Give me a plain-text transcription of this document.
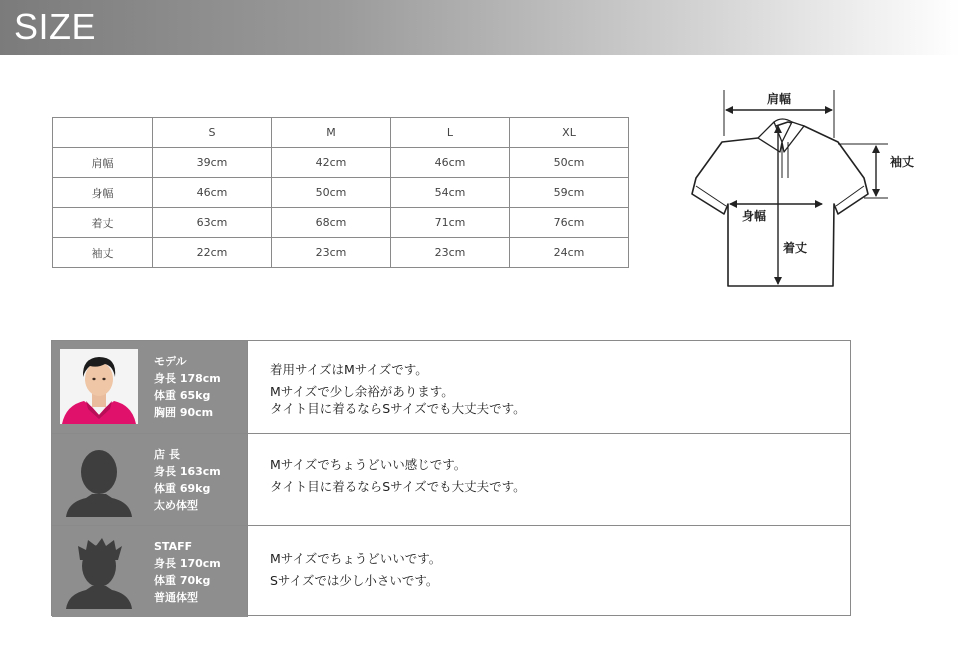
SIZE
	S	M	L	XL
肩幅	39cm	42cm	46cm	50cm
身幅	46cm	50cm	54cm	59cm
着丈	63cm	68cm	71cm	76cm
袖丈	22cm	23cm	23cm	24cm
肩幅
袖丈
身幅
着丈
モデル
身長 178cm
体重 65kg
胸囲 90cm
着用サイズはMサイズです。
Mサイズで少し余裕があります。
タイト目に着るならSサイズでも大丈夫です。
店 長
身長 163cm
体重 69kg
太め体型
Mサイズでちょうどいい感じです。
タイト目に着るならSサイズでも大丈夫です。
STAFF
身長 170cm
体重 70kg
普通体型
Mサイズでちょうどいいです。
Sサイズでは少し小さいです。
